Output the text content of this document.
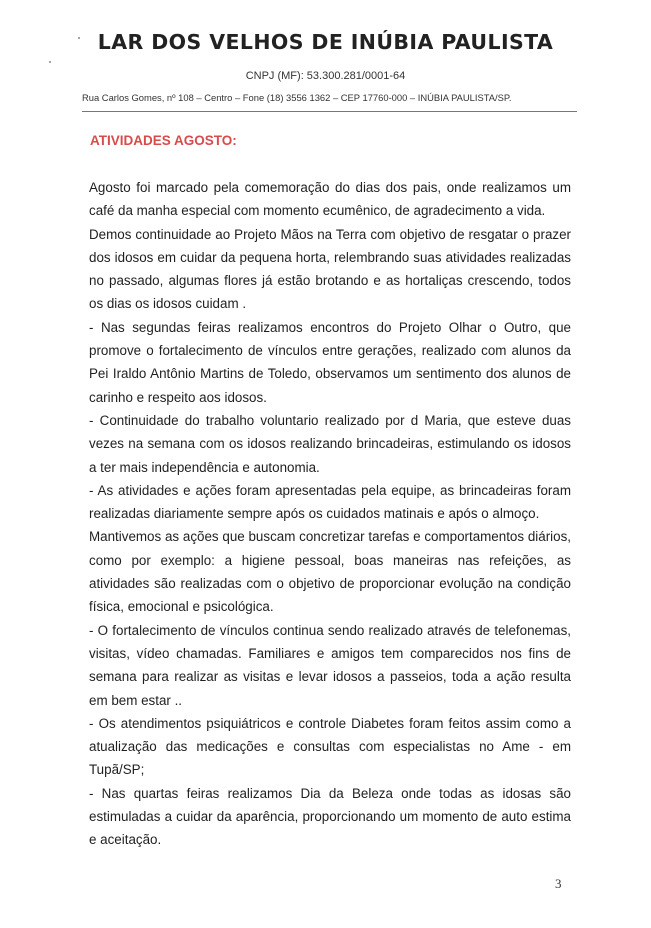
LAR DOS VELHOS DE INÚBIA PAULISTA
CNPJ (MF): 53.300.281/0001-64
Rua Carlos Gomes, nº 108 – Centro – Fone (18) 3556 1362 – CEP 17760-000 – INÚBIA PAULISTA/SP.
ATIVIDADES AGOSTO:

Agosto foi marcado pela comemoração do dias dos pais, onde realizamos um café da manha especial com momento ecumênico, de agradecimento a vida.

Demos continuidade ao Projeto Mãos na Terra com objetivo de resgatar o prazer dos idosos em cuidar da pequena horta, relembrando suas atividades realizadas no passado, algumas flores já estão brotando e as hortaliças crescendo, todos os dias os idosos cuidam .

- Nas segundas feiras realizamos encontros do Projeto Olhar o Outro, que promove o fortalecimento de vínculos entre gerações, realizado com alunos da Pei Iraldo Antônio Martins de Toledo, observamos um sentimento dos alunos de carinho e respeito aos idosos.

- Continuidade do trabalho voluntario realizado por d Maria, que esteve duas vezes na semana com os idosos realizando brincadeiras, estimulando os idosos a ter mais independência e autonomia.

- As atividades e ações foram apresentadas pela equipe, as brincadeiras foram realizadas diariamente sempre após os cuidados matinais e após o almoço.

Mantivemos as ações que buscam concretizar tarefas e comportamentos diários, como por exemplo: a higiene pessoal, boas maneiras nas refeições, as atividades são realizadas com o objetivo de proporcionar evolução na condição física, emocional e psicológica.

- O fortalecimento de vínculos continua sendo realizado através de telefonemas, visitas, vídeo chamadas. Familiares e amigos tem comparecidos nos fins de semana para realizar as visitas e levar idosos a passeios, toda a ação resulta em bem estar ..

- Os atendimentos psiquiátricos e controle Diabetes foram feitos assim como a atualização das medicações e consultas com especialistas no Ame - em Tupã/SP;

- Nas quartas feiras realizamos Dia da Beleza onde todas as idosas são estimuladas a cuidar da aparência, proporcionando um momento de auto estima e aceitação.

3
